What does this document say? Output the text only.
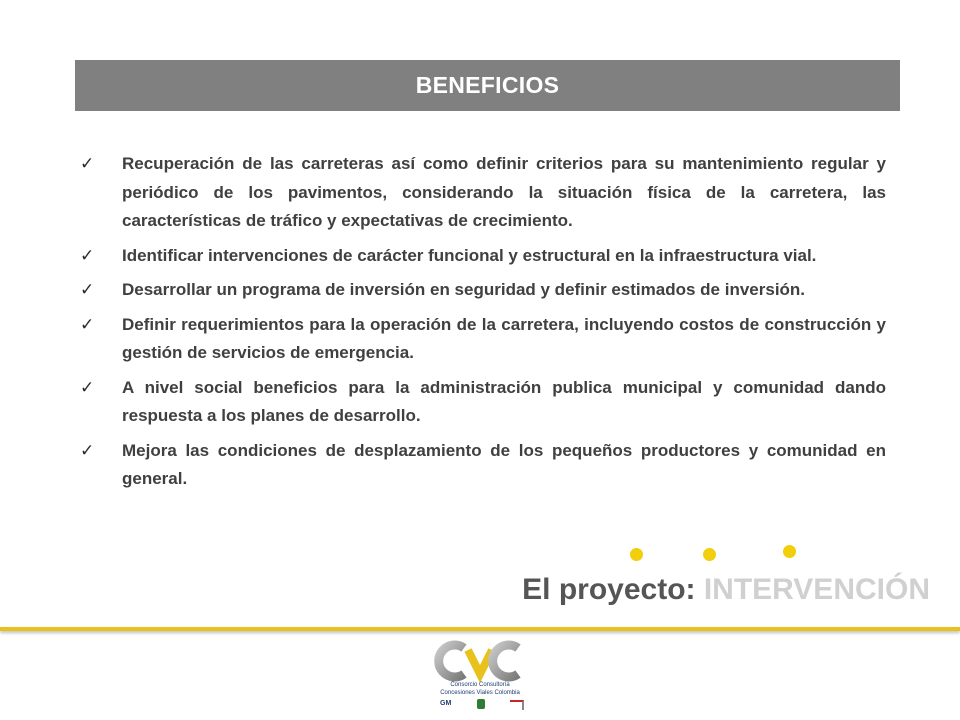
BENEFICIOS
✓ Recuperación de las carreteras así como definir criterios para su mantenimiento regular y periódico de los pavimentos, considerando la situación física de la carretera, las características de tráfico y expectativas de crecimiento.
✓ Identificar intervenciones de carácter funcional y estructural en la infraestructura vial.
✓ Desarrollar un programa de inversión en seguridad y definir estimados de inversión.
✓ Definir requerimientos para la operación de la carretera, incluyendo costos de construcción y gestión de servicios de emergencia.
✓ A nivel social beneficios para la administración publica municipal y comunidad dando respuesta a los planes de desarrollo.
✓ Mejora las condiciones de desplazamiento de los pequeños productores y comunidad en general.
El proyecto: INTERVENCIÓN
Consorcio Consultoría
Concesiones Viales Colombia
GM
